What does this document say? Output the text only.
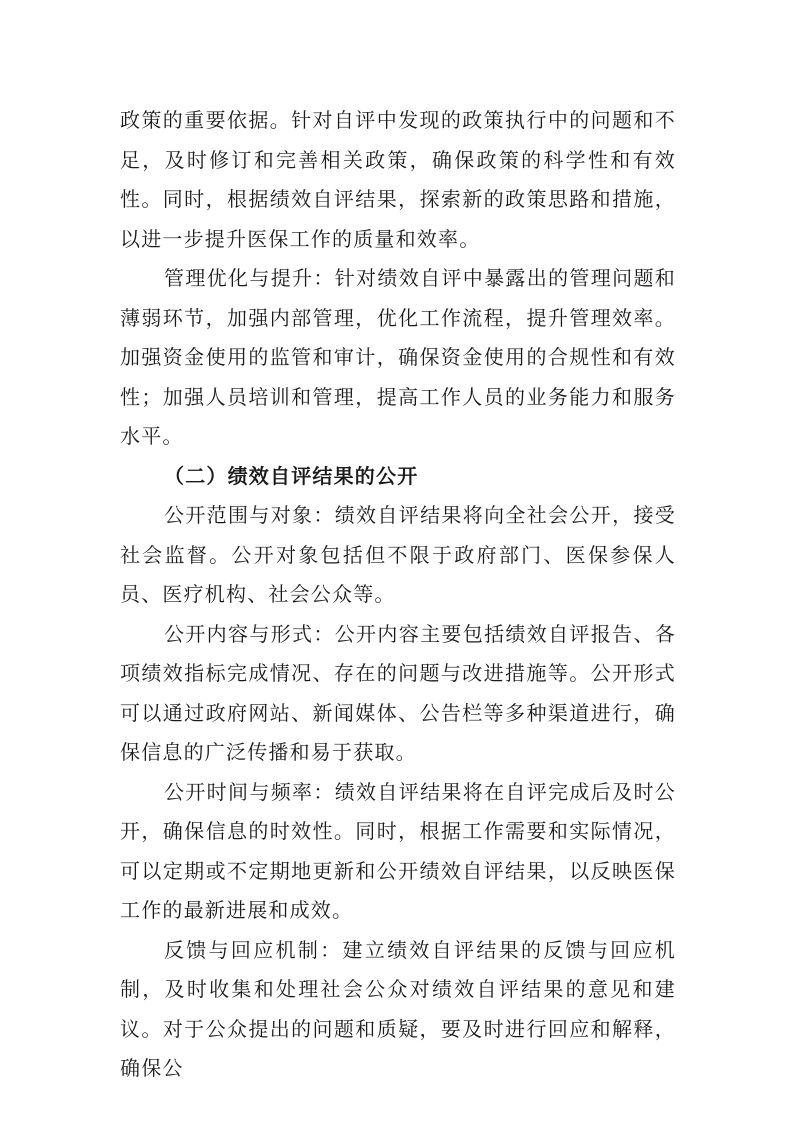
政策的重要依据。针对自评中发现的政策执行中的问题和不足，及时修订和完善相关政策，确保政策的科学性和有效性。同时，根据绩效自评结果，探索新的政策思路和措施，以进一步提升医保工作的质量和效率。

管理优化与提升：针对绩效自评中暴露出的管理问题和薄弱环节，加强内部管理，优化工作流程，提升管理效率。加强资金使用的监管和审计，确保资金使用的合规性和有效性；加强人员培训和管理，提高工作人员的业务能力和服务水平。

（二）绩效自评结果的公开

公开范围与对象：绩效自评结果将向全社会公开，接受社会监督。公开对象包括但不限于政府部门、医保参保人员、医疗机构、社会公众等。

公开内容与形式：公开内容主要包括绩效自评报告、各项绩效指标完成情况、存在的问题与改进措施等。公开形式可以通过政府网站、新闻媒体、公告栏等多种渠道进行，确保信息的广泛传播和易于获取。

公开时间与频率：绩效自评结果将在自评完成后及时公开，确保信息的时效性。同时，根据工作需要和实际情况，可以定期或不定期地更新和公开绩效自评结果，以反映医保工作的最新进展和成效。

反馈与回应机制：建立绩效自评结果的反馈与回应机制，及时收集和处理社会公众对绩效自评结果的意见和建议。对于公众提出的问题和质疑，要及时进行回应和解释，确保公
